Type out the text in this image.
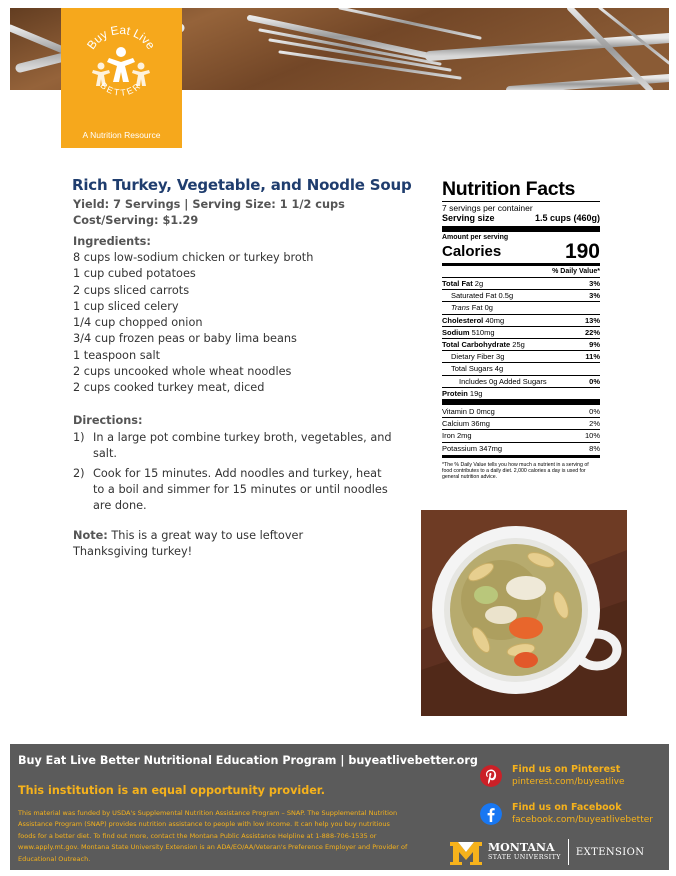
Buy Eat Live
BETTER
A Nutrition Resource
Rich Turkey, Vegetable, and Noodle Soup
Yield: 7 Servings | Serving Size: 1 1/2 cups
Cost/Serving: $1.29
Ingredients:
8 cups low-sodium chicken or turkey broth
1 cup cubed potatoes
2 cups sliced carrots
1 cup sliced celery
1/4 cup chopped onion
3/4 cup frozen peas or baby lima beans
1 teaspoon salt
2 cups uncooked whole wheat noodles
2 cups cooked turkey meat, diced
Directions:
1) In a large pot combine turkey broth, vegetables, and salt.
2) Cook for 15 minutes. Add noodles and turkey, heat to a boil and simmer for 15 minutes or until noodles are done.
Note: This is a great way to use leftover Thanksgiving turkey!
Nutrition Facts
7 servings per container
Serving size	1.5 cups (460g)
Amount per serving
Calories	190
% Daily Value*
Total Fat 2g	3%
Saturated Fat 0.5g	3%
Trans Fat 0g
Cholesterol 40mg	13%
Sodium 510mg	22%
Total Carbohydrate 25g	9%
Dietary Fiber 3g	11%
Total Sugars 4g
Includes 0g Added Sugars	0%
Protein 19g
Vitamin D 0mcg	0%
Calcium 36mg	2%
Iron 2mg	10%
Potassium 347mg	8%
*The % Daily Value tells you how much a nutrient in a serving of food contributes to a daily diet. 2,000 calories a day is used for general nutrition advice.
Buy Eat Live Better Nutritional Education Program | buyeatlivebetter.org
This institution is an equal opportunity provider.
This material was funded by USDA's Supplemental Nutrition Assistance Program – SNAP. The Supplemental Nutrition Assistance Program (SNAP) provides nutrition assistance to people with low income. It can help you buy nutritious foods for a better diet. To find out more, contact the Montana Public Assistance Helpline at 1-888-706-1535 or www.apply.mt.gov. Montana State University Extension is an ADA/EO/AA/Veteran's Preference Employer and Provider of Educational Outreach.
Find us on Pinterest
pinterest.com/buyeatlive
Find us on Facebook
facebook.com/buyeatlivebetter
MONTANA
STATE UNIVERSITY EXTENSION
